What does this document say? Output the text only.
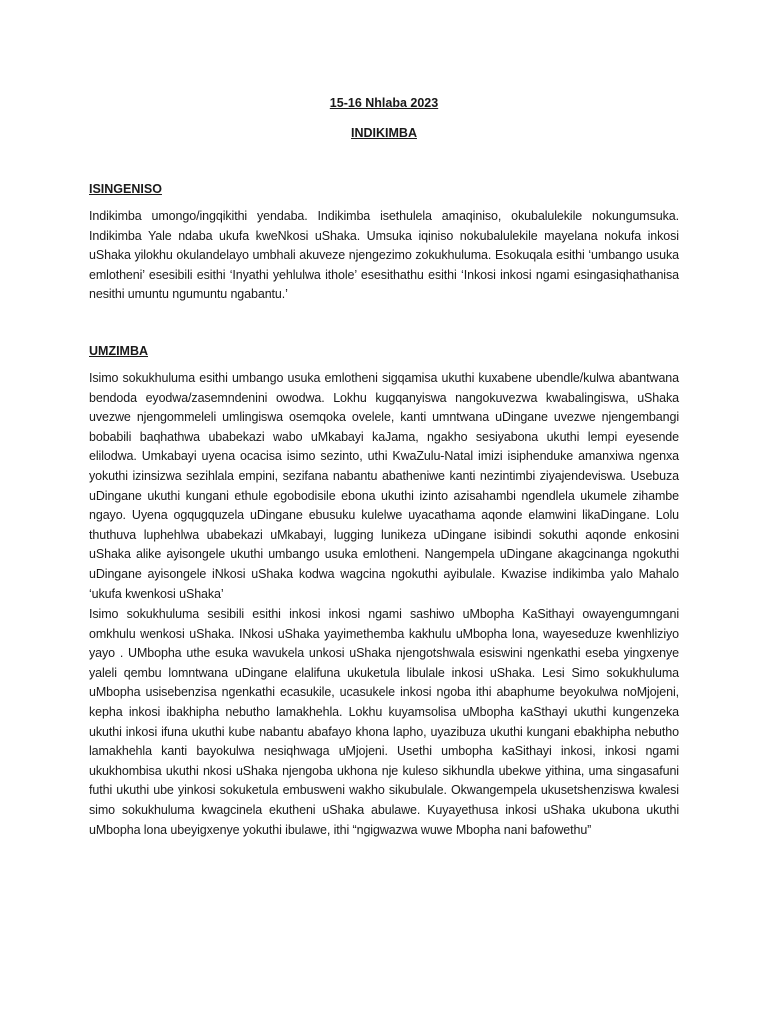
15-16 Nhlaba 2023
INDIKIMBA
ISINGENISO

Indikimba umongo/ingqikithi yendaba. Indikimba isethulela amaqiniso, okubalulekile nokungumsuka. Indikimba Yale ndaba ukufa kweNkosi uShaka. Umsuka iqiniso nokubalulekile mayelana nokufa inkosi uShaka yilokhu okulandelayo umbhali akuveze njengezimo zokukhuluma. Esokuqala esithi ‘umbango usuka emlotheni’ esesibili esithi ‘Inyathi yehlulwa ithole’ esesithathu esithi ‘Inkosi inkosi ngami esingasiqhathanisa nesithi umuntu ngumuntu ngabantu.’

UMZIMBA

Isimo sokukhuluma esithi umbango usuka emlotheni sigqamisa ukuthi kuxabene ubendle/kulwa abantwana bendoda eyodwa/zasemndenini owodwa. Lokhu kugqanyiswa nangokuvezwa kwabalingiswa, uShaka uvezwe njengommeleli umlingiswa osemqoka ovelele, kanti umntwana uDingane uvezwe njengembangi bobabili baqhathwa ubabekazi wabo uMkabayi kaJama, ngakho sesiyabona ukuthi lempi eyesende elilodwa. Umkabayi uyena ocacisa isimo sezinto, uthi KwaZulu-Natal imizi isiphenduke amanxiwa ngenxa yokuthi izinsizwa sezihlala empini, sezifana nabantu abatheniwe kanti nezintimbi ziyajendeviswa. Usebuza uDingane ukuthi kungani ethule egobodisile ebona ukuthi izinto azisahambi ngendlela ukumele zihambe ngayo. Uyena ogqugquzela uDingane ebusuku kulelwe uyacathama aqonde elamwini likaDingane. Lolu thuthuva luphehlwa ubabekazi uMkabayi, lugging lunikeza uDingane isibindi sokuthi aqonde enkosini uShaka alike ayisongele ukuthi umbango usuka emlotheni. Nangempela uDingane akagcinanga ngokuthi uDingane ayisongele iNkosi uShaka kodwa wagcina ngokuthi ayibulale. Kwazise indikimba yalo Mahalo ‘ukufa kwenkosi uShaka’

Isimo sokukhuluma sesibili esithi inkosi inkosi ngami sashiwo uMbopha KaSithayi owayengumngani omkhulu wenkosi uShaka. INkosi uShaka yayimethemba kakhulu uMbopha lona, wayeseduze kwenhliziyo yayo . UMbopha uthe esuka wavukela unkosi uShaka njengotshwala esiswini ngenkathi eseba yingxenye yaleli qembu lomntwana uDingane elalifuna ukuketula libulale inkosi uShaka. Lesi Simo sokukhuluma uMbopha usisebenzisa ngenkathi ecasukile, ucasukele inkosi ngoba ithi abaphume beyokulwa noMjojeni, kepha inkosi ibakhipha nebutho lamakhehla. Lokhu kuyamsolisa uMbopha kaSthayi ukuthi kungenzeka ukuthi inkosi ifuna ukuthi kube nabantu abafayo khona lapho, uyazibuza ukuthi kungani ebakhipha nebutho lamakhehla kanti bayokulwa nesiqhwaga uMjojeni. Usethi umbopha kaSithayi inkosi, inkosi ngami ukukhombisa ukuthi nkosi uShaka njengoba ukhona nje kuleso sikhundla ubekwe yithina, uma singasafuni futhi ukuthi ube yinkosi sokuketula embusweni wakho sikubulale. Okwangempela ukusetshenziswa kwalesi simo sokukhuluma kwagcinela ekutheni uShaka abulawe. Kuyayethusa inkosi uShaka ukubona ukuthi uMbopha lona ubeyigxenye yokuthi ibulawe, ithi “ngigwazwa wuwe Mbopha nani bafowethu”
